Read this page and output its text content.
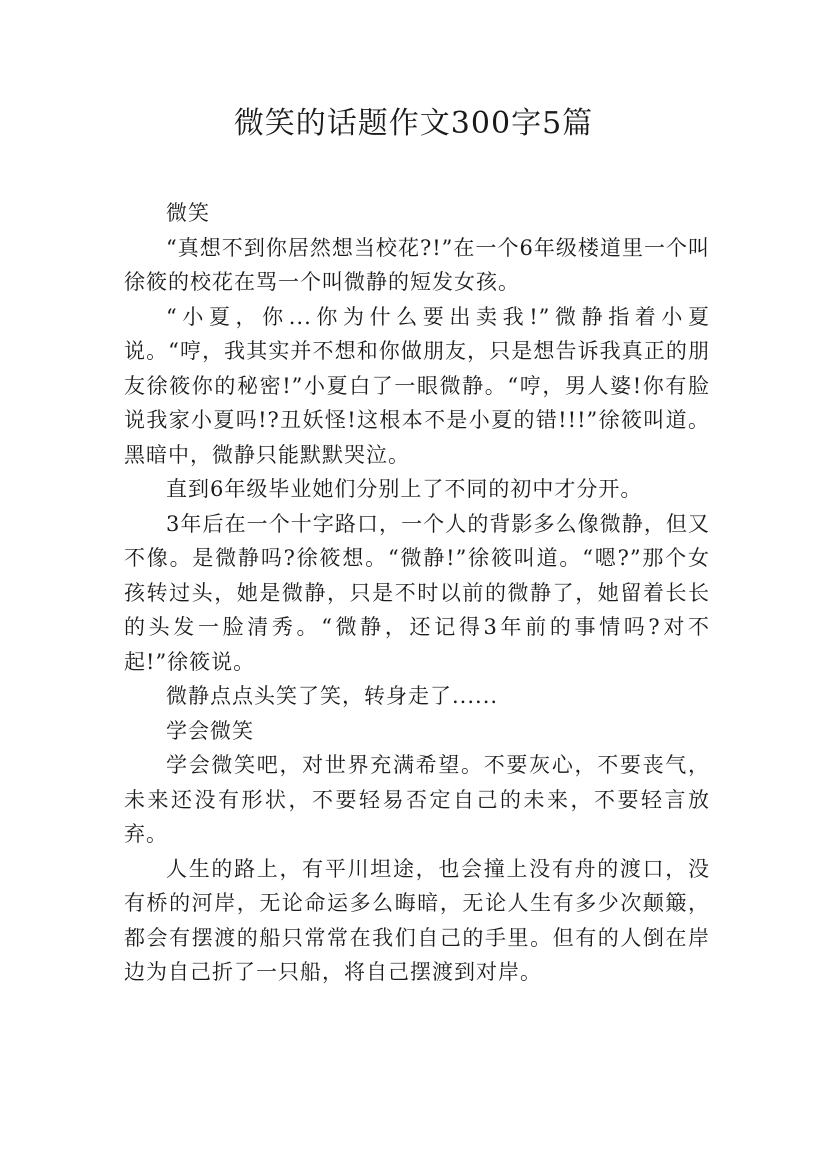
微笑的话题作文300字5篇

微笑

“真想不到你居然想当校花?!”在一个6年级楼道里一个叫徐筱的校花在骂一个叫微静的短发女孩。

“小夏，你...你为什么要出卖我!”微静指着小夏说。“哼，我其实并不想和你做朋友，只是想告诉我真正的朋友徐筱你的秘密!”小夏白了一眼微静。“哼，男人婆!你有脸说我家小夏吗!?丑妖怪!这根本不是小夏的错!!!”徐筱叫道。黑暗中，微静只能默默哭泣。

直到6年级毕业她们分别上了不同的初中才分开。

3年后在一个十字路口，一个人的背影多么像微静，但又不像。是微静吗?徐筱想。“微静!”徐筱叫道。“嗯?”那个女孩转过头，她是微静，只是不时以前的微静了，她留着长长的头发一脸清秀。“微静，还记得3年前的事情吗?对不起!”徐筱说。

微静点点头笑了笑，转身走了......

学会微笑

学会微笑吧，对世界充满希望。不要灰心，不要丧气，未来还没有形状，不要轻易否定自己的未来，不要轻言放弃。

人生的路上，有平川坦途，也会撞上没有舟的渡口，没有桥的河岸，无论命运多么晦暗，无论人生有多少次颠簸，都会有摆渡的船只常常在我们自己的手里。但有的人倒在岸边为自己折了一只船，将自己摆渡到对岸。
